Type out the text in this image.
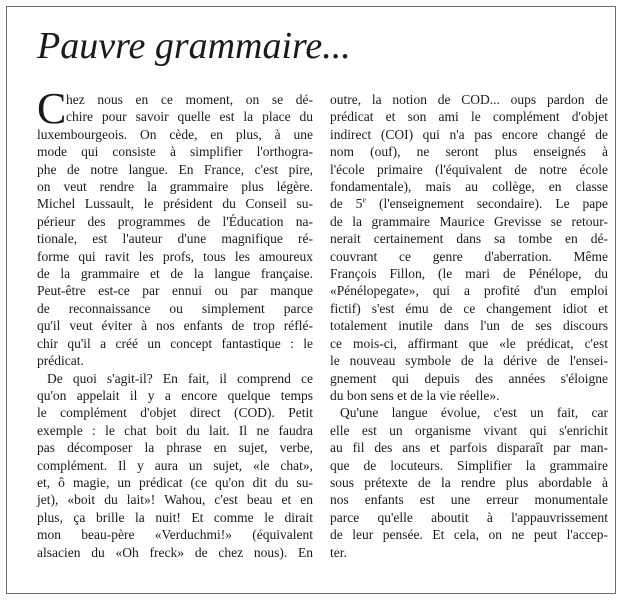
Pauvre grammaire...
C hez nous en ce moment, on se dé-
chire pour savoir quelle est la place du
luxembourgeois. On cède, en plus, à une
mode qui consiste à simplifier l'orthogra-
phe de notre langue. En France, c'est pire,
on veut rendre la grammaire plus légère.
Michel Lussault, le président du Conseil su-
périeur des programmes de l'Éducation na-
tionale, est l'auteur d'une magnifique ré-
forme qui ravit les profs, tous les amoureux
de la grammaire et de la langue française.
Peut-être est-ce par ennui ou par manque
de reconnaissance ou simplement parce
qu'il veut éviter à nos enfants de trop réflé-
chir qu'il a créé un concept fantastique : le
prédicat.
De quoi s'agit-il? En fait, il comprend ce
qu'on appelait il y a encore quelque temps
le complément d'objet direct (COD). Petit
exemple : le chat boit du lait. Il ne faudra
pas décomposer la phrase en sujet, verbe,
complément. Il y aura un sujet, «le chat»,
et, ô magie, un prédicat (ce qu'on dit du su-
jet), «boit du lait»! Wahou, c'est beau et en
plus, ça brille la nuit! Et comme le dirait
mon beau-père «Verduchmi!» (équivalent
alsacien du «Oh freck» de chez nous). En
outre, la notion de COD... oups pardon de
prédicat et son ami le complément d'objet
indirect (COI) qui n'a pas encore changé de
nom (ouf), ne seront plus enseignés à
l'école primaire (l'équivalent de notre école
fondamentale), mais au collège, en classe
de 5e (l'enseignement secondaire). Le pape
de la grammaire Maurice Grevisse se retour-
nerait certainement dans sa tombe en dé-
couvrant ce genre d'aberration. Même
François Fillon, (le mari de Pénélope, du
«Pénélopegate», qui a profité d'un emploi
fictif) s'est ému de ce changement idiot et
totalement inutile dans l'un de ses discours
ce mois-ci, affirmant que «le prédicat, c'est
le nouveau symbole de la dérive de l'ensei-
gnement qui depuis des années s'éloigne
du bon sens et de la vie réelle».
Qu'une langue évolue, c'est un fait, car
elle est un organisme vivant qui s'enrichit
au fil des ans et parfois disparaît par man-
que de locuteurs. Simplifier la grammaire
sous prétexte de la rendre plus abordable à
nos enfants est une erreur monumentale
parce qu'elle aboutit à l'appauvrissement
de leur pensée. Et cela, on ne peut l'accep-
ter.
